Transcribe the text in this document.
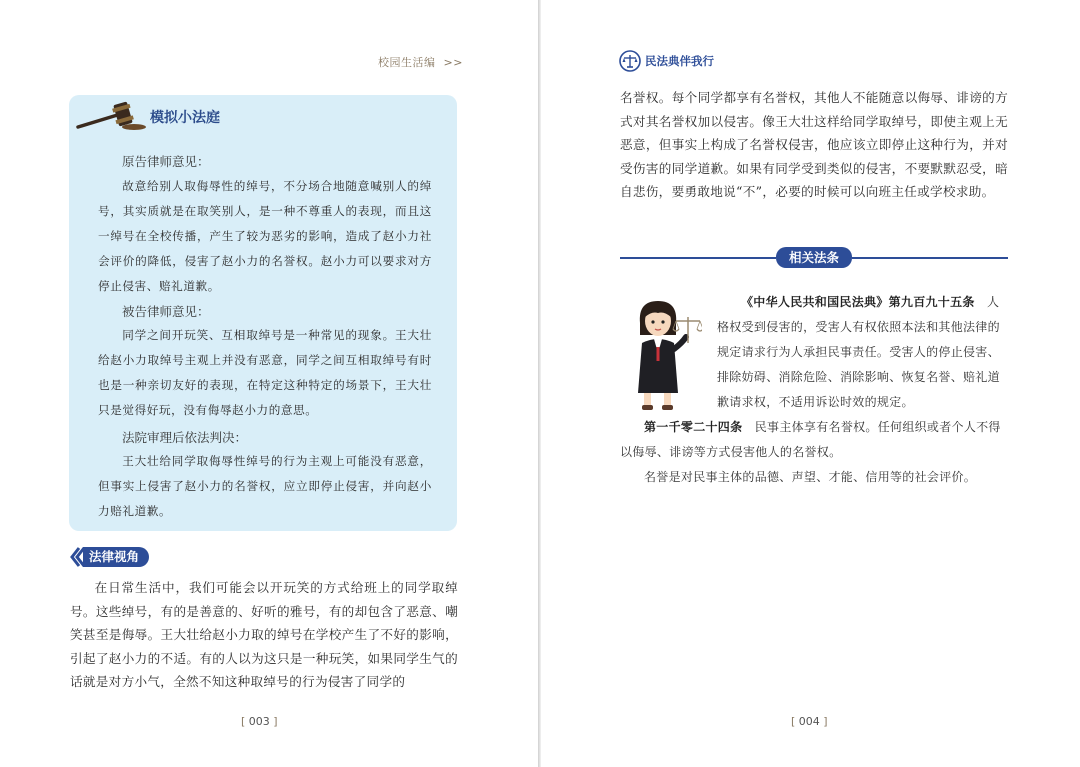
校园生活编 >>
模拟小法庭
原告律师意见：
故意给别人取侮辱性的绰号，不分场合地随意喊别人的绰号，其实质就是在取笑别人，是一种不尊重人的表现，而且这一绰号在全校传播，产生了较为恶劣的影响，造成了赵小力社会评价的降低，侵害了赵小力的名誉权。赵小力可以要求对方停止侵害、赔礼道歉。
被告律师意见：
同学之间开玩笑、互相取绰号是一种常见的现象。王大壮给赵小力取绰号主观上并没有恶意，同学之间互相取绰号有时也是一种亲切友好的表现，在特定这种特定的场景下，王大壮只是觉得好玩，没有侮辱赵小力的意思。
法院审理后依法判决：
王大壮给同学取侮辱性绰号的行为主观上可能没有恶意，但事实上侵害了赵小力的名誉权，应立即停止侵害，并向赵小力赔礼道歉。
法律视角
在日常生活中，我们可能会以开玩笑的方式给班上的同学取绰号。这些绰号，有的是善意的、好听的雅号，有的却包含了恶意、嘲笑甚至是侮辱。王大壮给赵小力取的绰号在学校产生了不好的影响，引起了赵小力的不适。有的人以为这只是一种玩笑，如果同学生气的话就是对方小气，全然不知这种取绰号的行为侵害了同学的
[ 003 ]
民法典伴我行
名誉权。每个同学都享有名誉权，其他人不能随意以侮辱、诽谤的方式对其名誉权加以侵害。像王大壮这样给同学取绰号，即使主观上无恶意，但事实上构成了名誉权侵害，他应该立即停止这种行为，并对受伤害的同学道歉。如果有同学受到类似的侵害，不要默默忍受，暗自悲伤，要勇敢地说“不”，必要的时候可以向班主任或学校求助。
相关法条
《中华人民共和国民法典》第九百九十五条　 人格权受到侵害的，受害人有权依照本法和其他法律的规定请求行为人承担民事责任。受害人的停止侵害、排除妨碍、消除危险、消除影响、恢复名誉、赔礼道歉请求权，不适用诉讼时效的规定。
第一千零二十四条　 民事主体享有名誉权。任何组织或者个人不得以侮辱、诽谤等方式侵害他人的名誉权。
名誉是对民事主体的品德、声望、才能、信用等的社会评价。
[ 004 ]
